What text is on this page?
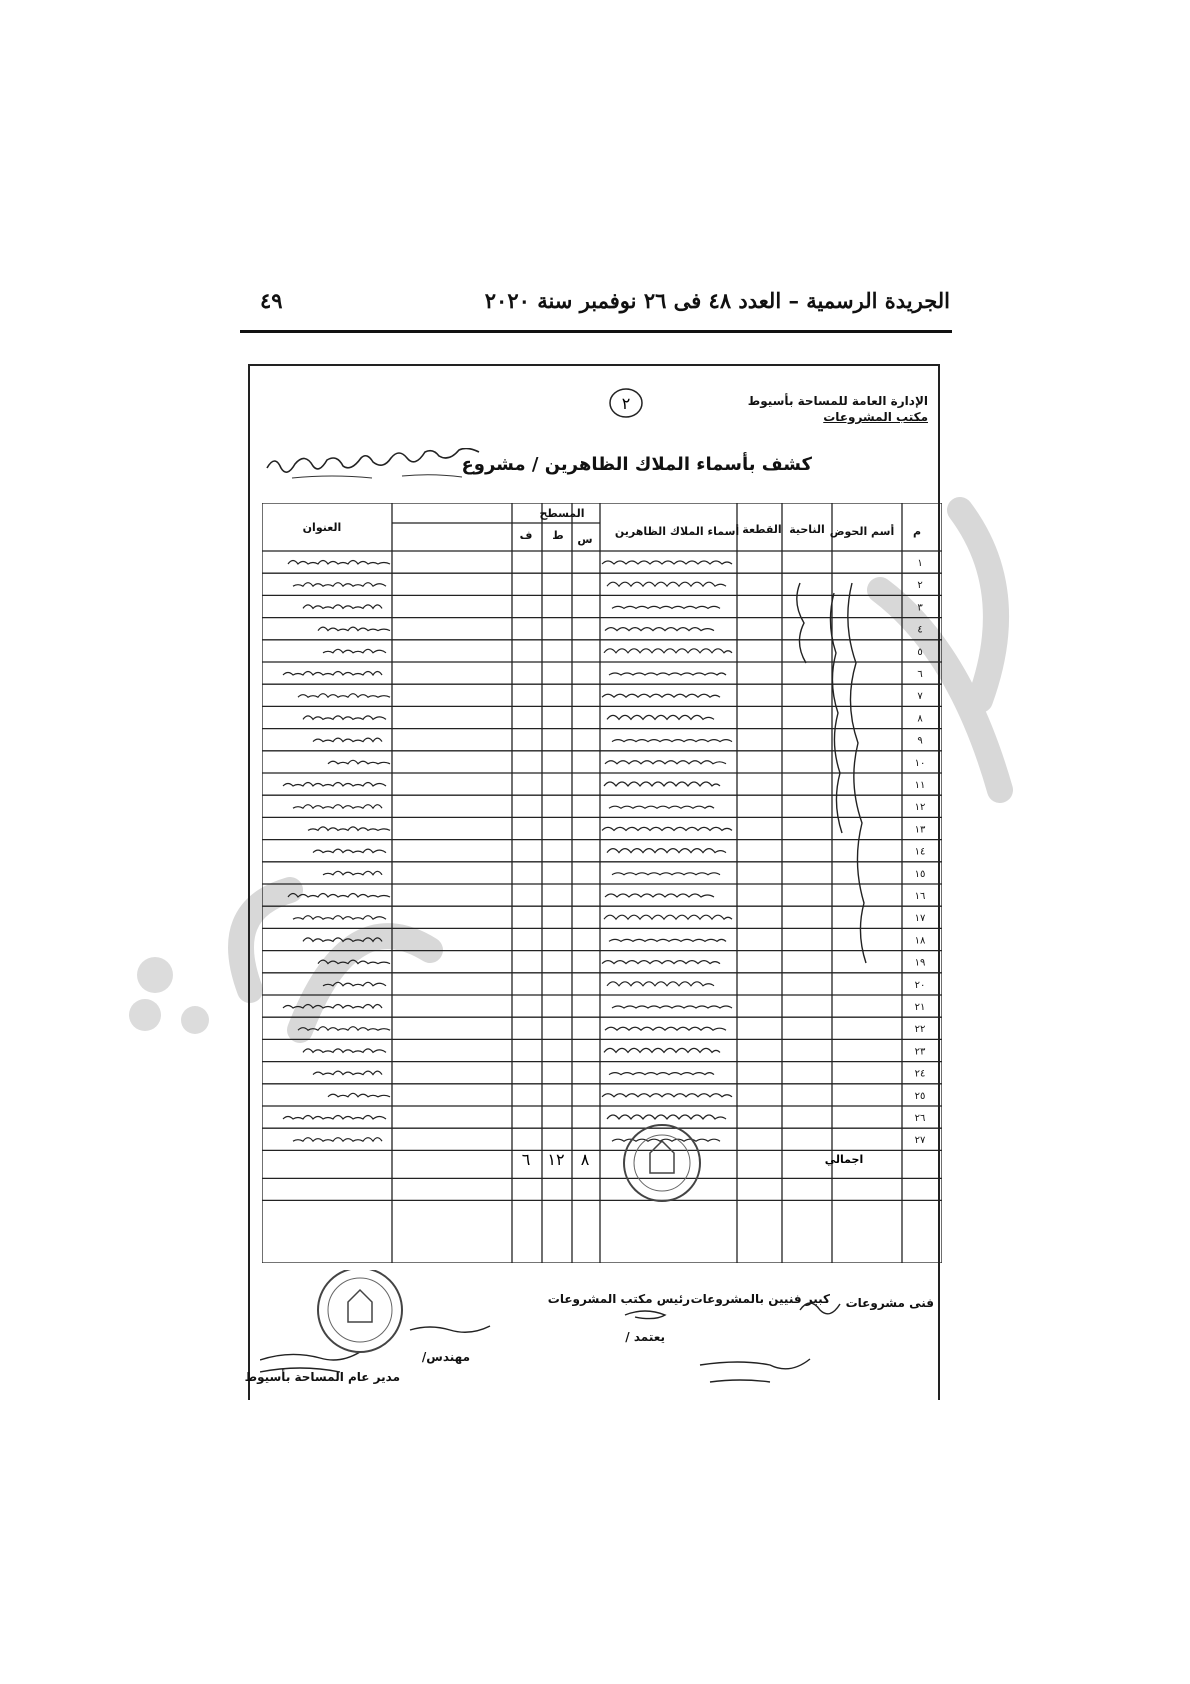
الجريدة الرسمية – العدد ٤٨ فى ٢٦ نوفمبر سنة ٢٠٢٠
٤٩
الإدارة العامة للمساحة بأسيوط
مكتب المشروعات
٢
كشف بأسماء الملاك الظاهرين / مشروع
م
أسم الحوض
الناحية
القطعة
أسماء الملاك الظاهرين
المسطح
س
ط
ف
العنوان
١
٢
٣
٤
٥
٦
٧
٨
٩
١٠
١١
١٢
١٣
١٤
١٥
١٦
١٧
١٨
١٩
٢٠
٢١
٢٢
٢٣
٢٤
٢٥
٢٦
٢٧
اجمالي
٨
١٢
٦
فنى مشروعات
كبير فنيين بالمشروعات
رئيس مكتب المشروعات
يعتمد /
مهندس/
مدير عام المساحة بأسيوط
